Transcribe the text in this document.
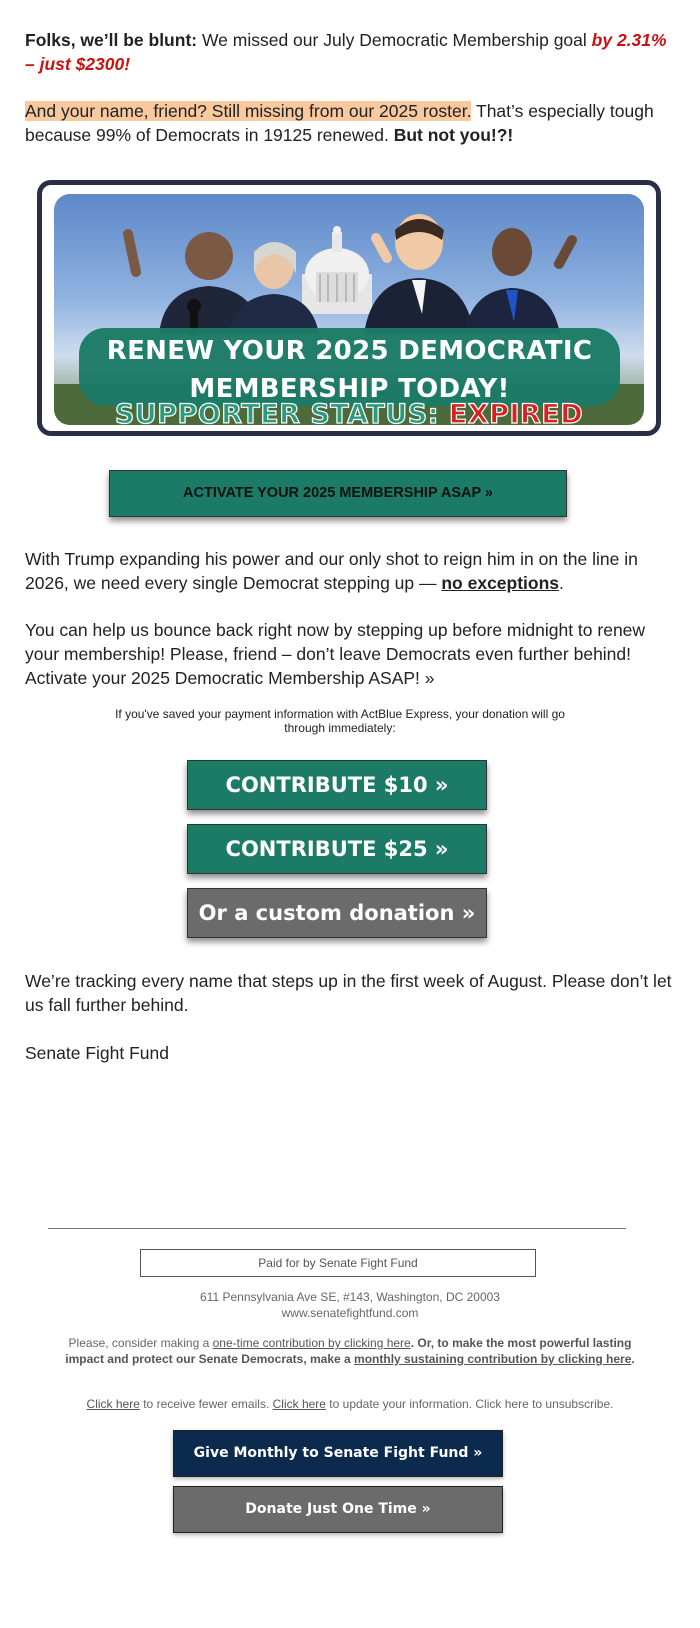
Folks, we’ll be blunt: We missed our July Democratic Membership goal by 2.31% – just $2300!

And your name, friend? Still missing from our 2025 roster. That’s especially tough because 99% of Democrats in 19125 renewed. But not you!?!

RENEW YOUR 2025 DEMOCRATIC
MEMBERSHIP TODAY!
SUPPORTER STATUS: EXPIRED
ACTIVATE YOUR 2025 MEMBERSHIP ASAP »

With Trump expanding his power and our only shot to reign him in on the line in 2026, we need every single Democrat stepping up — no exceptions.

You can help us bounce back right now by stepping up before midnight to renew your membership! Please, friend – don’t leave Democrats even further behind! Activate your 2025 Democratic Membership ASAP! »

If you've saved your payment information with ActBlue Express, your donation will go through immediately:
CONTRIBUTE $10 »
CONTRIBUTE $25 »
Or a custom donation »

We’re tracking every name that steps up in the first week of August. Please don’t let us fall further behind.

Senate Fight Fund

Paid for by Senate Fight Fund
611 Pennsylvania Ave SE, #143, Washington, DC 20003
www.senatefightfund.com
Please, consider making a one-time contribution by clicking here. Or, to make the most powerful lasting impact and protect our Senate Democrats, make a monthly sustaining contribution by clicking here.
Click here to receive fewer emails. Click here to update your information. Click here to unsubscribe.
Give Monthly to Senate Fight Fund »
Donate Just One Time »
